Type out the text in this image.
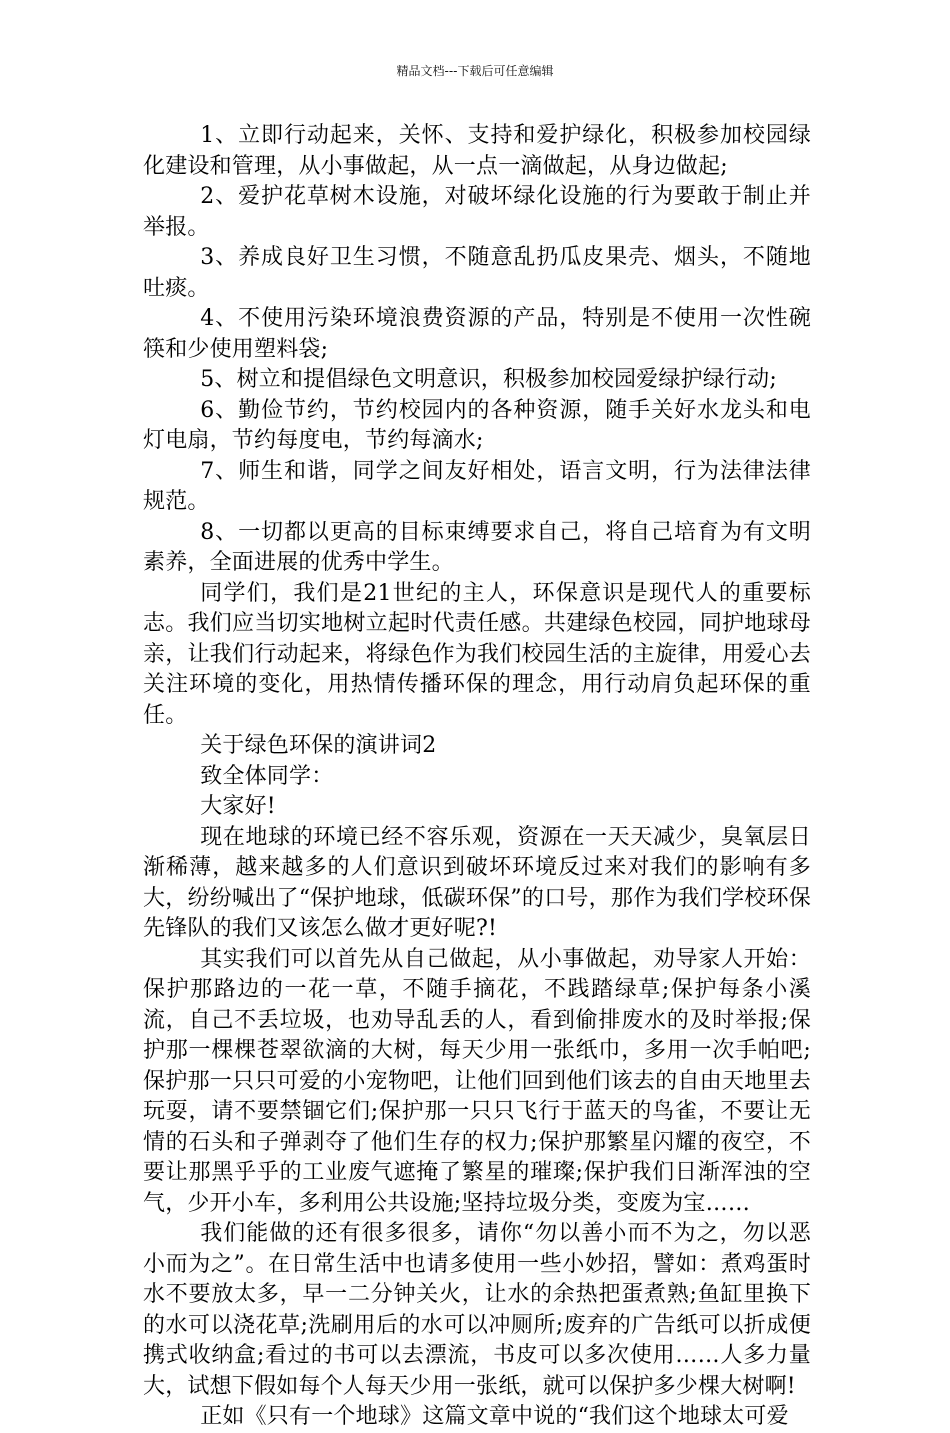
精品文档---下载后可任意编辑

1、立即行动起来，关怀、支持和爱护绿化，积极参加校园绿化建设和管理，从小事做起，从一点一滴做起，从身边做起;

2、爱护花草树木设施，对破坏绿化设施的行为要敢于制止并举报。

3、养成良好卫生习惯，不随意乱扔瓜皮果壳、烟头，不随地吐痰。

4、不使用污染环境浪费资源的产品，特别是不使用一次性碗筷和少使用塑料袋;

5、树立和提倡绿色文明意识，积极参加校园爱绿护绿行动;

6、勤俭节约，节约校园内的各种资源，随手关好水龙头和电灯电扇，节约每度电，节约每滴水;

7、师生和谐，同学之间友好相处，语言文明，行为法律法律规范。

8、一切都以更高的目标束缚要求自己，将自己培育为有文明素养，全面进展的优秀中学生。

同学们，我们是21世纪的主人，环保意识是现代人的重要标志。我们应当切实地树立起时代责任感。共建绿色校园，同护地球母亲，让我们行动起来，将绿色作为我们校园生活的主旋律，用爱心去关注环境的变化，用热情传播环保的理念，用行动肩负起环保的重任。

关于绿色环保的演讲词2

致全体同学：

大家好!

现在地球的环境已经不容乐观，资源在一天天减少，臭氧层日渐稀薄，越来越多的人们意识到破坏环境反过来对我们的影响有多大，纷纷喊出了“保护地球，低碳环保”的口号，那作为我们学校环保先锋队的我们又该怎么做才更好呢?!

其实我们可以首先从自己做起，从小事做起，劝导家人开始：保护那路边的一花一草，不随手摘花，不践踏绿草;保护每条小溪流，自己不丢垃圾，也劝导乱丢的人，看到偷排废水的及时举报;保护那一棵棵苍翠欲滴的大树，每天少用一张纸巾，多用一次手帕吧;保护那一只只可爱的小宠物吧，让他们回到他们该去的自由天地里去玩耍，请不要禁锢它们;保护那一只只飞行于蓝天的鸟雀，不要让无情的石头和子弹剥夺了他们生存的权力;保护那繁星闪耀的夜空，不要让那黑乎乎的工业废气遮掩了繁星的璀璨;保护我们日渐浑浊的空气，少开小车，多利用公共设施;坚持垃圾分类，变废为宝……

我们能做的还有很多很多，请你“勿以善小而不为之，勿以恶小而为之”。在日常生活中也请多使用一些小妙招，譬如：煮鸡蛋时水不要放太多，早一二分钟关火，让水的余热把蛋煮熟;鱼缸里换下的水可以浇花草;洗刷用后的水可以冲厕所;废弃的广告纸可以折成便携式收纳盒;看过的书可以去漂流，书皮可以多次使用……人多力量大，试想下假如每个人每天少用一张纸，就可以保护多少棵大树啊!

正如《只有一个地球》这篇文章中说的“我们这个地球太可爱
